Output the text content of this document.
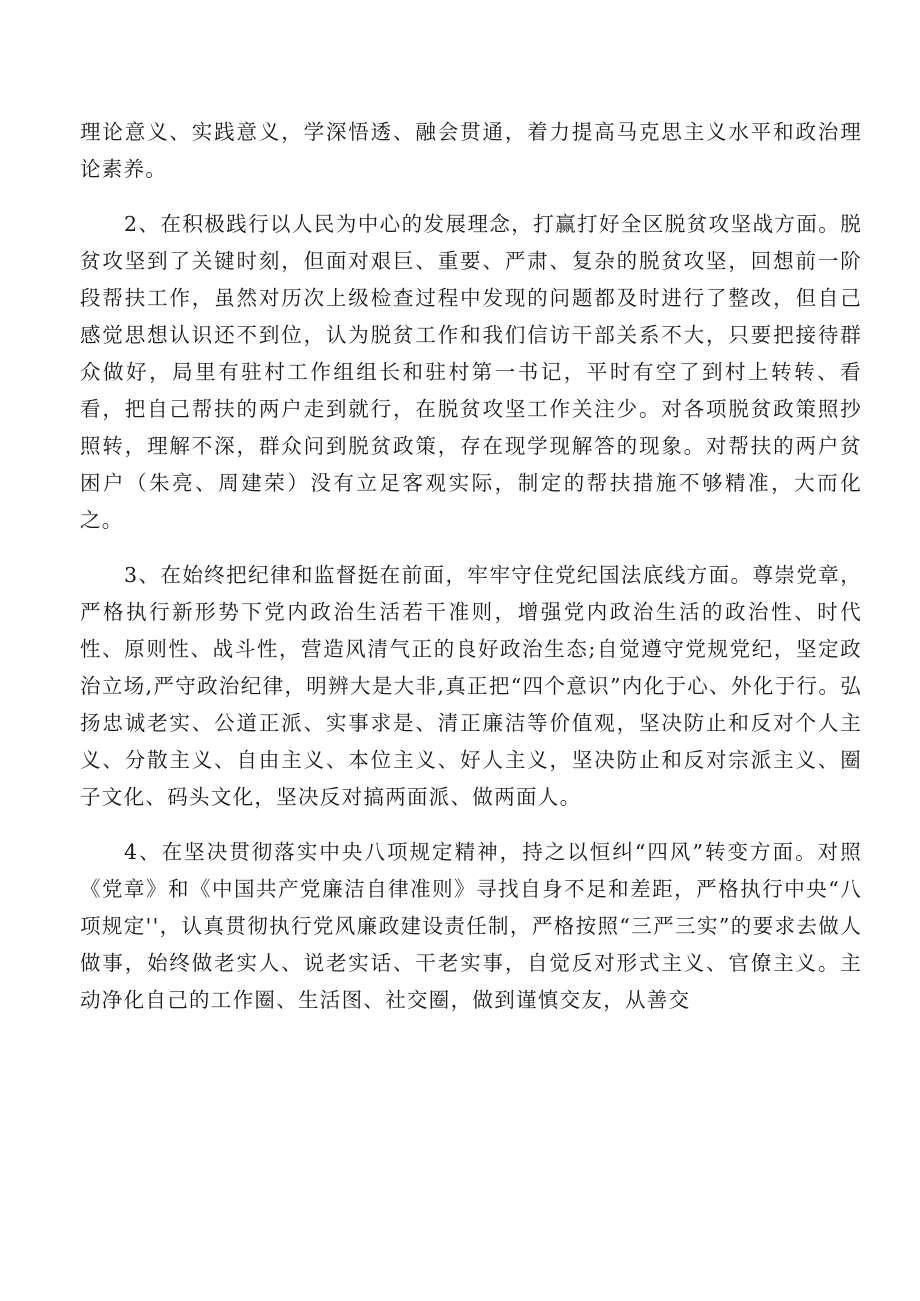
理论意义、实践意义，学深悟透、融会贯通，着力提高马克思主义水平和政治理论素养。

2、在积极践行以人民为中心的发展理念，打赢打好全区脱贫攻坚战方面。脱贫攻坚到了关键时刻，但面对艰巨、重要、严肃、复杂的脱贫攻坚，回想前一阶段帮扶工作，虽然对历次上级检查过程中发现的问题都及时进行了整改，但自己感觉思想认识还不到位，认为脱贫工作和我们信访干部关系不大，只要把接待群众做好，局里有驻村工作组组长和驻村第一书记，平时有空了到村上转转、看看，把自己帮扶的两户走到就行，在脱贫攻坚工作关注少。对各项脱贫政策照抄照转，理解不深，群众问到脱贫政策，存在现学现解答的现象。对帮扶的两户贫困户（朱亮、周建荣）没有立足客观实际，制定的帮扶措施不够精准，大而化之。

3、在始终把纪律和监督挺在前面，牢牢守住党纪国法底线方面。尊崇党章，严格执行新形势下党内政治生活若干准则，增强党内政治生活的政治性、时代性、原则性、战斗性，营造风清气正的良好政治生态;自觉遵守党规党纪，坚定政治立场,严守政治纪律，明辨大是大非,真正把“四个意识”内化于心、外化于行。弘扬忠诚老实、公道正派、实事求是、清正廉洁等价值观，坚决防止和反对个人主义、分散主义、自由主义、本位主义、好人主义，坚决防止和反对宗派主义、圈子文化、码头文化，坚决反对搞两面派、做两面人。

4、在坚决贯彻落实中央八项规定精神，持之以恒纠“四风”转变方面。对照《党章》和《中国共产党廉洁自律准则》寻找自身不足和差距，严格执行中央“八项规定''，认真贯彻执行党风廉政建设责任制，严格按照“三严三实”的要求去做人做事，始终做老实人、说老实话、干老实事，自觉反对形式主义、官僚主义。主动净化自己的工作圈、生活图、社交圈，做到谨慎交友，从善交
